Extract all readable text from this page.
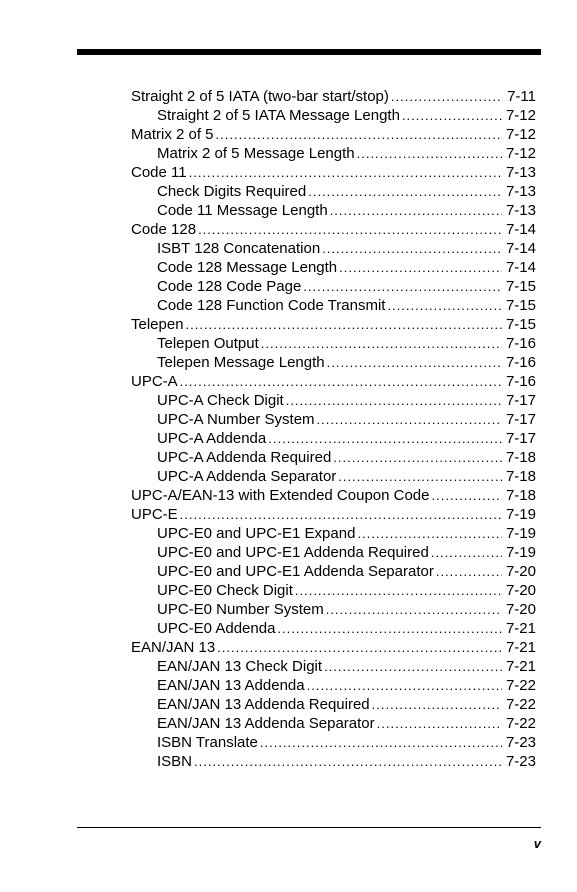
Straight 2 of 5 IATA (two-bar start/stop) .....	7-11
Straight 2 of 5 IATA Message Length .....	7-12
Matrix 2 of 5 .....	7-12
Matrix 2 of 5 Message Length .....	7-12
Code 11 .....	7-13
Check Digits Required .....	7-13
Code 11 Message Length .....	7-13
Code 128 .....	7-14
ISBT 128 Concatenation .....	7-14
Code 128 Message Length .....	7-14
Code 128 Code Page .....	7-15
Code 128 Function Code Transmit .....	7-15
Telepen .....	7-15
Telepen Output .....	7-16
Telepen Message Length .....	7-16
UPC-A .....	7-16
UPC-A Check Digit .....	7-17
UPC-A Number System .....	7-17
UPC-A Addenda .....	7-17
UPC-A Addenda Required .....	7-18
UPC-A Addenda Separator .....	7-18
UPC-A/EAN-13 with Extended Coupon Code .....	7-18
UPC-E .....	7-19
UPC-E0 and UPC-E1 Expand .....	7-19
UPC-E0 and UPC-E1 Addenda Required .....	7-19
UPC-E0 and UPC-E1 Addenda Separator .....	7-20
UPC-E0 Check Digit .....	7-20
UPC-E0 Number System .....	7-20
UPC-E0 Addenda .....	7-21
EAN/JAN 13 .....	7-21
EAN/JAN 13 Check Digit .....	7-21
EAN/JAN 13 Addenda .....	7-22
EAN/JAN 13 Addenda Required .....	7-22
EAN/JAN 13 Addenda Separator .....	7-22
ISBN Translate .....	7-23
ISBN .....	7-23
v
